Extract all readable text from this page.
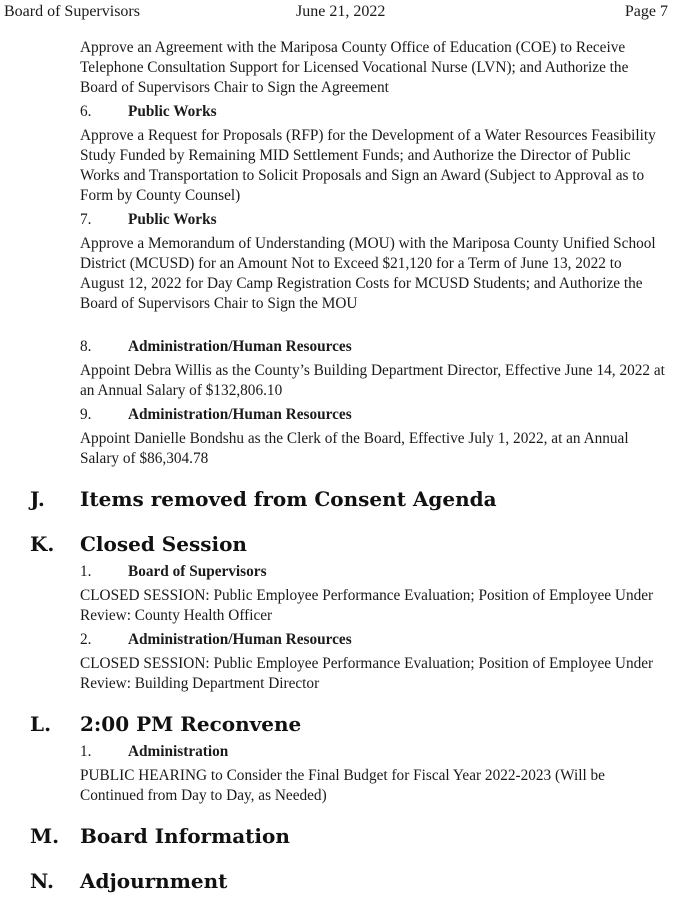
Board of Supervisors	June 21, 2022	Page 7

Approve an Agreement with the Mariposa County Office of Education (COE) to Receive Telephone Consultation Support for Licensed Vocational Nurse (LVN); and Authorize the Board of Supervisors Chair to Sign the Agreement

6. Public Works

Approve a Request for Proposals (RFP) for the Development of a Water Resources Feasibility Study Funded by Remaining MID Settlement Funds; and Authorize the Director of Public Works and Transportation to Solicit Proposals and Sign an Award (Subject to Approval as to Form by County Counsel)

7. Public Works

Approve a Memorandum of Understanding (MOU) with the Mariposa County Unified School District (MCUSD) for an Amount Not to Exceed $21,120 for a Term of June 13, 2022 to August 12, 2022 for Day Camp Registration Costs for MCUSD Students; and Authorize the Board of Supervisors Chair to Sign the MOU

8. Administration/Human Resources

Appoint Debra Willis as the County’s Building Department Director, Effective June 14, 2022 at an Annual Salary of $132,806.10

9. Administration/Human Resources

Appoint Danielle Bondshu as the Clerk of the Board, Effective July 1, 2022, at an Annual Salary of $86,304.78

J. Items removed from Consent Agenda
K. Closed Session
1. Board of Supervisors

CLOSED SESSION: Public Employee Performance Evaluation; Position of Employee Under Review: County Health Officer

2. Administration/Human Resources

CLOSED SESSION: Public Employee Performance Evaluation; Position of Employee Under Review: Building Department Director

L. 2:00 PM Reconvene
1. Administration

PUBLIC HEARING to Consider the Final Budget for Fiscal Year 2022-2023 (Will be Continued from Day to Day, as Needed)

M. Board Information
N. Adjournment
